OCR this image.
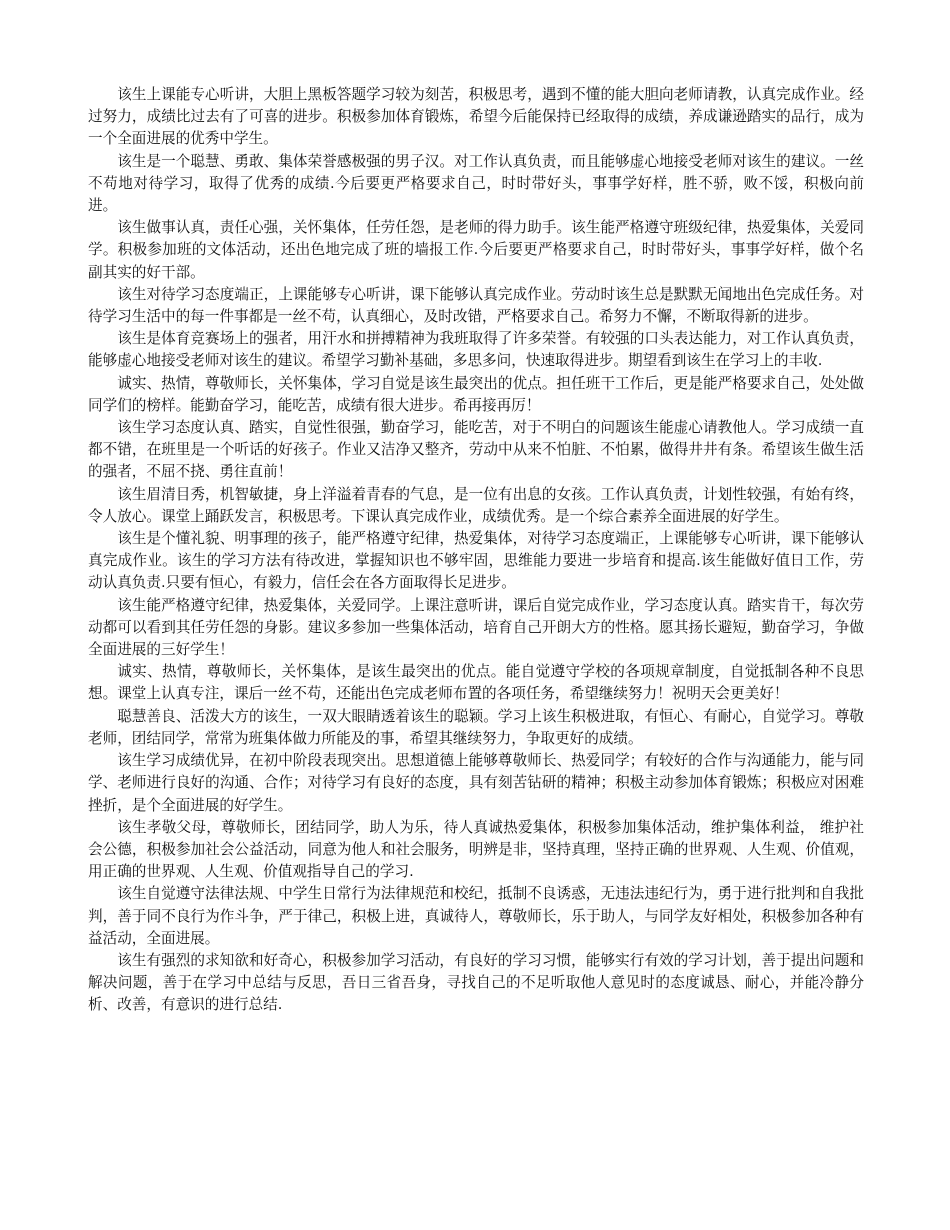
该生上课能专心听讲，大胆上黑板答题学习较为刻苦，积极思考，遇到不懂的能大胆向老师请教，认真完成作业。经过努力，成绩比过去有了可喜的进步。积极参加体育锻炼，希望今后能保持已经取得的成绩，养成谦逊踏实的品行，成为一个全面进展的优秀中学生。

该生是一个聪慧、勇敢、集体荣誉感极强的男子汉。对工作认真负责，而且能够虚心地接受老师对该生的建议。一丝不苟地对待学习，取得了优秀的成绩.今后要更严格要求自己，时时带好头，事事学好样，胜不骄，败不馁，积极向前进。

该生做事认真，责任心强，关怀集体，任劳任怨，是老师的得力助手。该生能严格遵守班级纪律，热爱集体，关爱同学。积极参加班的文体活动，还出色地完成了班的墙报工作.今后要更严格要求自己，时时带好头，事事学好样，做个名副其实的好干部。

该生对待学习态度端正，上课能够专心听讲，课下能够认真完成作业。劳动时该生总是默默无闻地出色完成任务。对待学习生活中的每一件事都是一丝不苟，认真细心，及时改错，严格要求自己。希努力不懈，不断取得新的进步。

该生是体育竞赛场上的强者，用汗水和拼搏精神为我班取得了许多荣誉。有较强的口头表达能力，对工作认真负责，能够虚心地接受老师对该生的建议。希望学习勤补基础，多思多问，快速取得进步。期望看到该生在学习上的丰收.

诚实、热情，尊敬师长，关怀集体，学习自觉是该生最突出的优点。担任班干工作后，更是能严格要求自己，处处做同学们的榜样。能勤奋学习，能吃苦，成绩有很大进步。希再接再厉！

该生学习态度认真、踏实，自觉性很强，勤奋学习，能吃苦，对于不明白的问题该生能虚心请教他人。学习成绩一直都不错，在班里是一个听话的好孩子。作业又洁净又整齐，劳动中从来不怕脏、不怕累，做得井井有条。希望该生做生活的强者，不屈不挠、勇往直前！

该生眉清目秀，机智敏捷，身上洋溢着青春的气息，是一位有出息的女孩。工作认真负责，计划性较强，有始有终，令人放心。课堂上踊跃发言，积极思考。下课认真完成作业，成绩优秀。是一个综合素养全面进展的好学生。

该生是个懂礼貌、明事理的孩子，能严格遵守纪律，热爱集体，对待学习态度端正，上课能够专心听讲，课下能够认真完成作业。该生的学习方法有待改进，掌握知识也不够牢固，思维能力要进一步培育和提高.该生能做好值日工作，劳动认真负责.只要有恒心，有毅力，信任会在各方面取得长足进步。

该生能严格遵守纪律，热爱集体，关爱同学。上课注意听讲，课后自觉完成作业，学习态度认真。踏实肯干，每次劳动都可以看到其任劳任怨的身影。建议多参加一些集体活动，培育自己开朗大方的性格。愿其扬长避短，勤奋学习，争做全面进展的三好学生！

诚实、热情，尊敬师长，关怀集体，是该生最突出的优点。能自觉遵守学校的各项规章制度，自觉抵制各种不良思想。课堂上认真专注，课后一丝不苟，还能出色完成老师布置的各项任务，希望继续努力！祝明天会更美好！

聪慧善良、活泼大方的该生，一双大眼睛透着该生的聪颖。学习上该生积极进取，有恒心、有耐心，自觉学习。尊敬老师，团结同学，常常为班集体做力所能及的事，希望其继续努力，争取更好的成绩。

该生学习成绩优异，在初中阶段表现突出。思想道德上能够尊敬师长、热爱同学；有较好的合作与沟通能力，能与同学、老师进行良好的沟通、合作；对待学习有良好的态度，具有刻苦钻研的精神；积极主动参加体育锻炼；积极应对困难挫折，是个全面进展的好学生。

该生孝敬父母，尊敬师长，团结同学，助人为乐，待人真诚热爱集体，积极参加集体活动，维护集体利益， 维护社会公德，积极参加社会公益活动，同意为他人和社会服务，明辨是非，坚持真理，坚持正确的世界观、人生观、价值观，用正确的世界观、人生观、价值观指导自己的学习.

该生自觉遵守法律法规、中学生日常行为法律规范和校纪，抵制不良诱惑，无违法违纪行为，勇于进行批判和自我批判，善于同不良行为作斗争，严于律己，积极上进，真诚待人，尊敬师长，乐于助人，与同学友好相处，积极参加各种有益活动，全面进展。

该生有强烈的求知欲和好奇心，积极参加学习活动，有良好的学习习惯，能够实行有效的学习计划，善于提出问题和解决问题，善于在学习中总结与反思，吾日三省吾身，寻找自己的不足听取他人意见时的态度诚恳、耐心，并能冷静分析、改善，有意识的进行总结.
